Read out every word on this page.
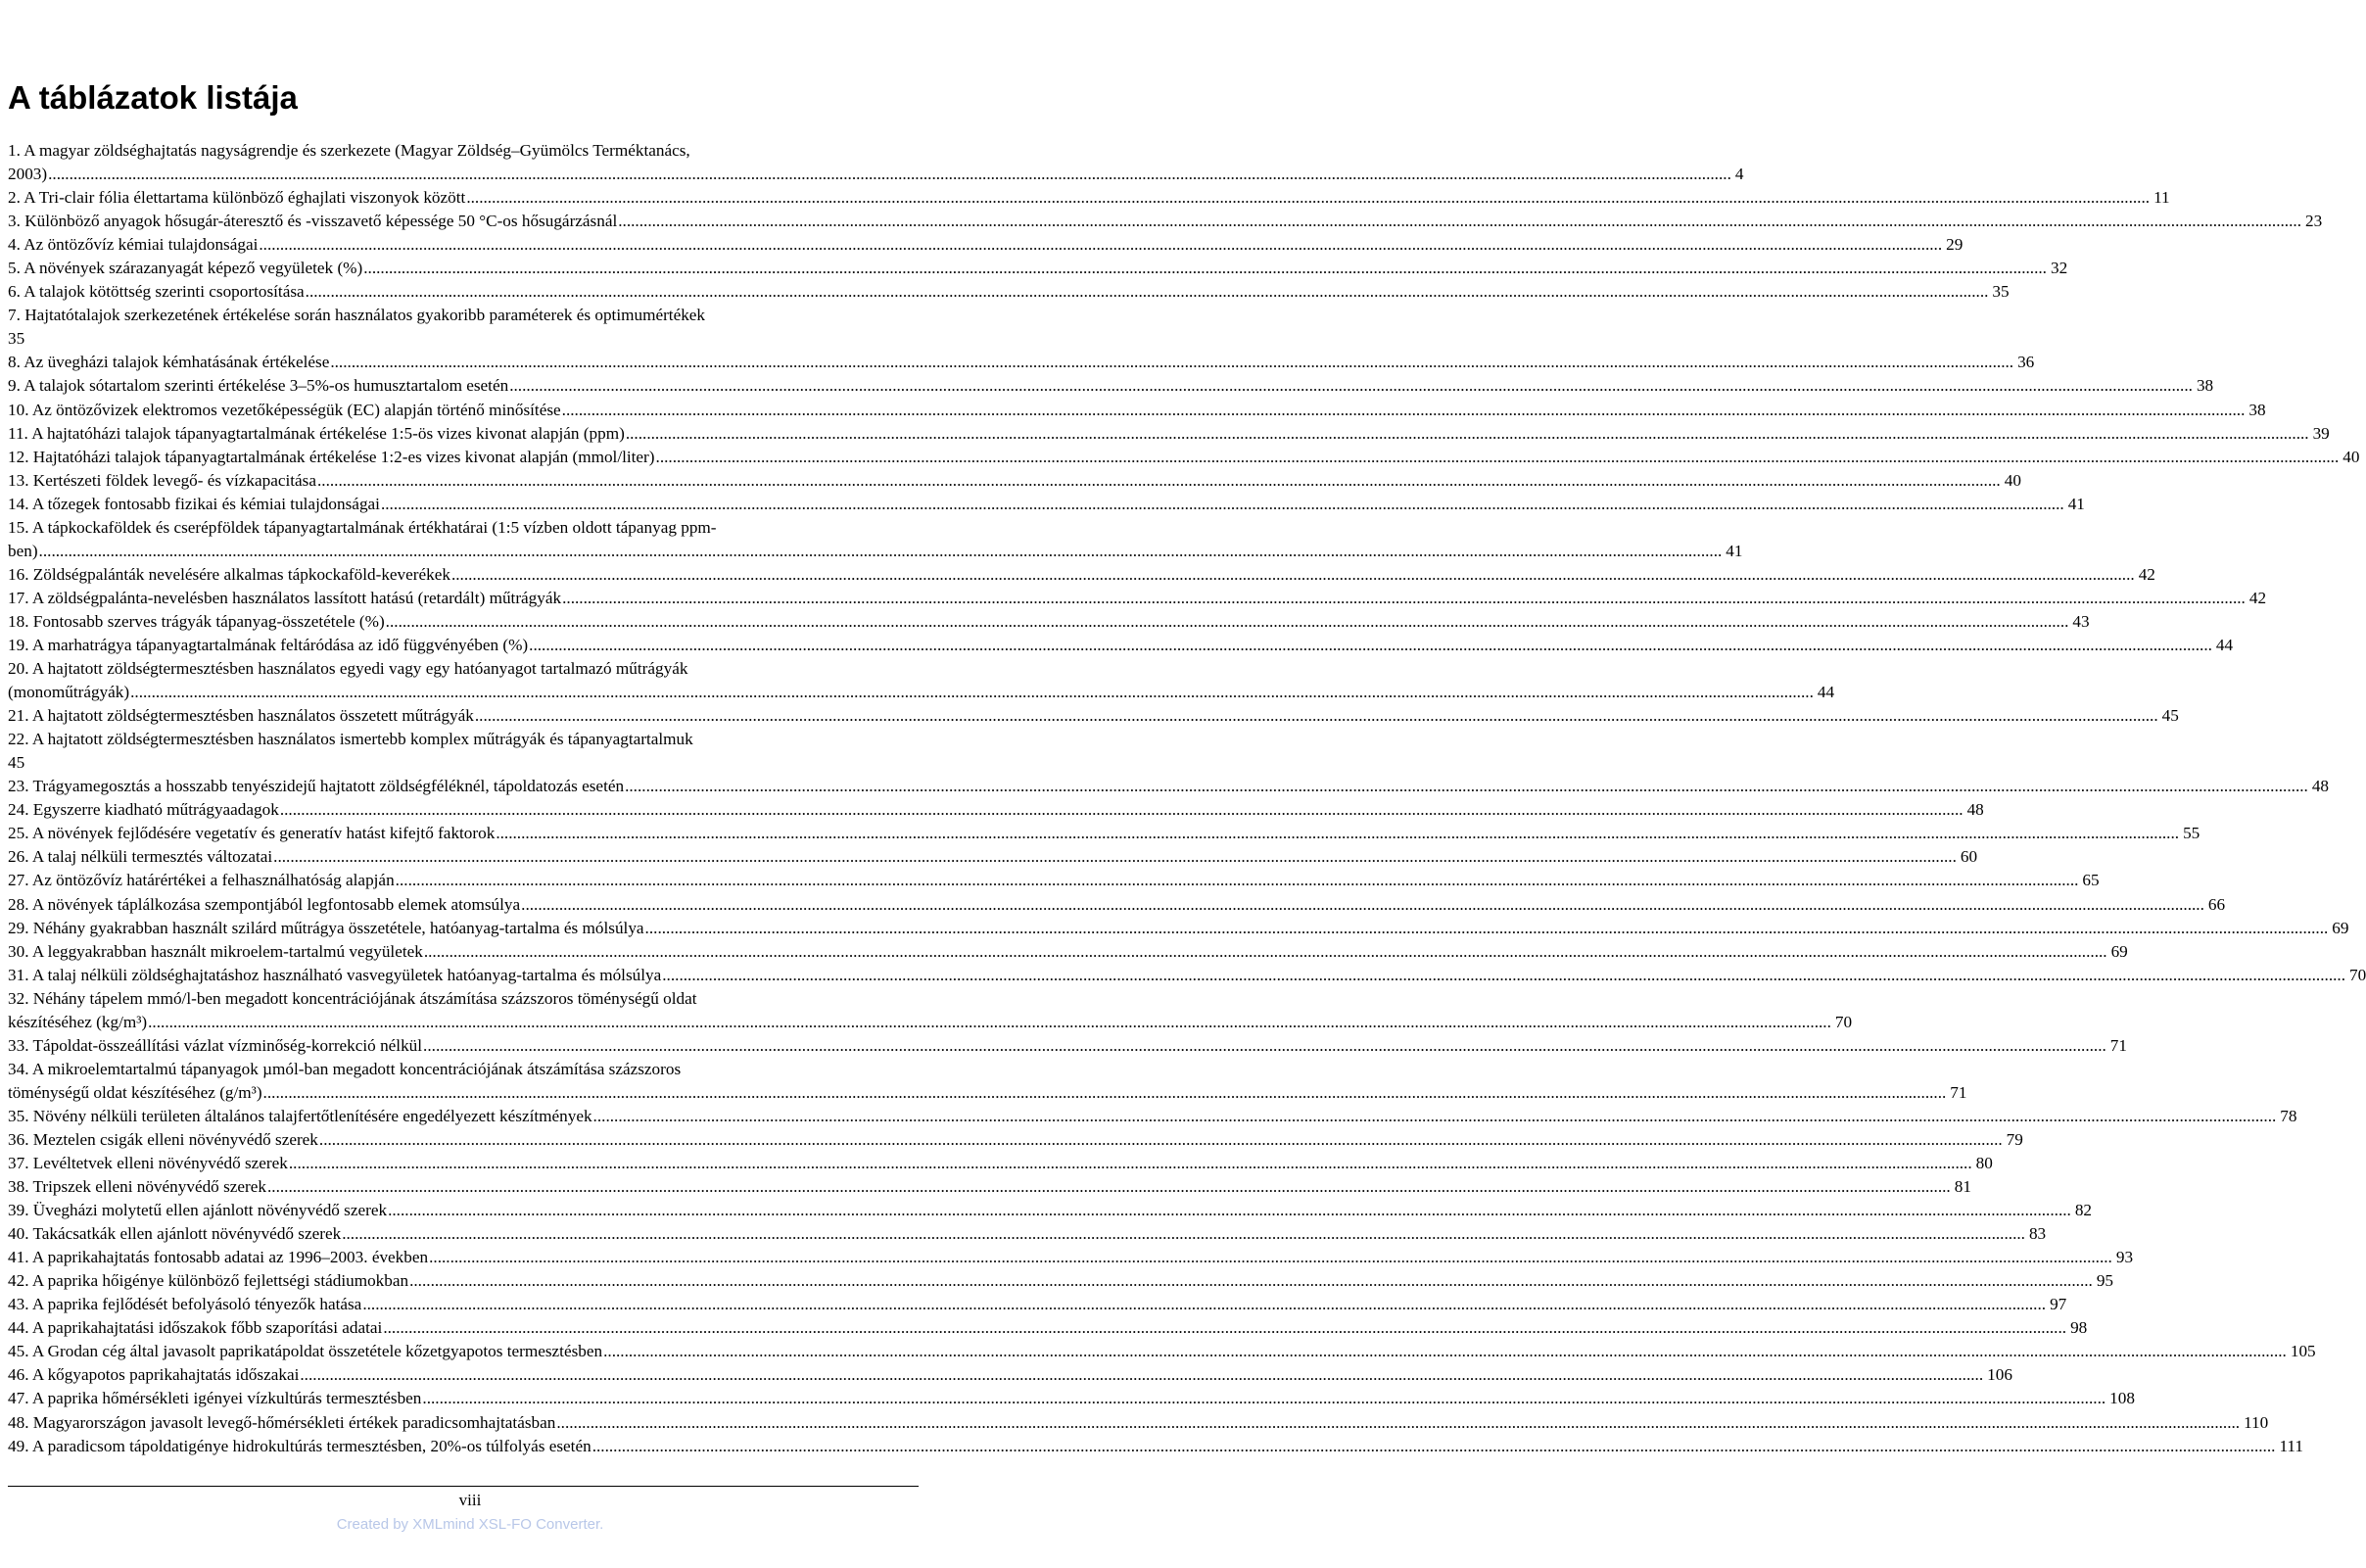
A táblázatok listája
1. A magyar zöldséghajtatás nagyságrendje és szerkezete (Magyar Zöldség–Gyümölcs Terméktanács,
2003) ................................................................................................................................................................................................................................................................................................................................................................................................................ 4
2. A Tri-clair fólia élettartama különböző éghajlati viszonyok között ................................................................................................................................................................................................................................................................................................................................................................................................................ 11
3. Különböző anyagok hősugár-áteresztő és -visszavető képessége 50 °C-os hősugárzásnál ................................................................................................................................................................................................................................................................................................................................................................................................................ 23
4. Az öntözővíz kémiai tulajdonságai ................................................................................................................................................................................................................................................................................................................................................................................................................ 29
5. A növények szárazanyagát képező vegyületek (%) ................................................................................................................................................................................................................................................................................................................................................................................................................ 32
6. A talajok kötöttség szerinti csoportosítása ................................................................................................................................................................................................................................................................................................................................................................................................................ 35
7. Hajtatótalajok szerkezetének értékelése során használatos gyakoribb paraméterek és optimumértékek
35
8. Az üvegházi talajok kémhatásának értékelése ................................................................................................................................................................................................................................................................................................................................................................................................................ 36
9. A talajok sótartalom szerinti értékelése 3–5%-os humusztartalom esetén ................................................................................................................................................................................................................................................................................................................................................................................................................ 38
10. Az öntözővizek elektromos vezetőképességük (EC) alapján történő minősítése ................................................................................................................................................................................................................................................................................................................................................................................................................ 38
11. A hajtatóházi talajok tápanyagtartalmának értékelése 1:5-ös vizes kivonat alapján (ppm) ................................................................................................................................................................................................................................................................................................................................................................................................................ 39
12. Hajtatóházi talajok tápanyagtartalmának értékelése 1:2-es vizes kivonat alapján (mmol/liter) ................................................................................................................................................................................................................................................................................................................................................................................................................ 40
13. Kertészeti földek levegő- és vízkapacitása ................................................................................................................................................................................................................................................................................................................................................................................................................ 40
14. A tőzegek fontosabb fizikai és kémiai tulajdonságai ................................................................................................................................................................................................................................................................................................................................................................................................................ 41
15. A tápkockaföldek és cserépföldek tápanyagtartalmának értékhatárai (1:5 vízben oldott tápanyag ppm-
ben) ................................................................................................................................................................................................................................................................................................................................................................................................................ 41
16. Zöldségpalánták nevelésére alkalmas tápkockaföld-keverékek ................................................................................................................................................................................................................................................................................................................................................................................................................ 42
17. A zöldségpalánta-nevelésben használatos lassított hatású (retardált) műtrágyák ................................................................................................................................................................................................................................................................................................................................................................................................................ 42
18. Fontosabb szerves trágyák tápanyag-összetétele (%) ................................................................................................................................................................................................................................................................................................................................................................................................................ 43
19. A marhatrágya tápanyagtartalmának feltáródása az idő függvényében (%) ................................................................................................................................................................................................................................................................................................................................................................................................................ 44
20. A hajtatott zöldségtermesztésben használatos egyedi vagy egy hatóanyagot tartalmazó műtrágyák
(monoműtrágyák) ................................................................................................................................................................................................................................................................................................................................................................................................................ 44
21. A hajtatott zöldségtermesztésben használatos összetett műtrágyák ................................................................................................................................................................................................................................................................................................................................................................................................................ 45
22. A hajtatott zöldségtermesztésben használatos ismertebb komplex műtrágyák és tápanyagtartalmuk
45
23. Trágyamegosztás a hosszabb tenyészidejű hajtatott zöldségféléknél, tápoldatozás esetén ................................................................................................................................................................................................................................................................................................................................................................................................................ 48
24. Egyszerre kiadható műtrágyaadagok ................................................................................................................................................................................................................................................................................................................................................................................................................ 48
25. A növények fejlődésére vegetatív és generatív hatást kifejtő faktorok ................................................................................................................................................................................................................................................................................................................................................................................................................ 55
26. A talaj nélküli termesztés változatai ................................................................................................................................................................................................................................................................................................................................................................................................................ 60
27. Az öntözővíz határértékei a felhasználhatóság alapján ................................................................................................................................................................................................................................................................................................................................................................................................................ 65
28. A növények táplálkozása szempontjából legfontosabb elemek atomsúlya ................................................................................................................................................................................................................................................................................................................................................................................................................ 66
29. Néhány gyakrabban használt szilárd műtrágya összetétele, hatóanyag-tartalma és mólsúlya ................................................................................................................................................................................................................................................................................................................................................................................................................ 69
30. A leggyakrabban használt mikroelem-tartalmú vegyületek ................................................................................................................................................................................................................................................................................................................................................................................................................ 69
31. A talaj nélküli zöldséghajtatáshoz használható vasvegyületek hatóanyag-tartalma és mólsúlya ................................................................................................................................................................................................................................................................................................................................................................................................................ 70
32. Néhány tápelem mmó/l-ben megadott koncentrációjának átszámítása százszoros töménységű oldat
készítéséhez (kg/m³) ................................................................................................................................................................................................................................................................................................................................................................................................................ 70
33. Tápoldat-összeállítási vázlat vízminőség-korrekció nélkül ................................................................................................................................................................................................................................................................................................................................................................................................................ 71
34. A mikroelemtartalmú tápanyagok µmól-ban megadott koncentrációjának átszámítása százszoros
töménységű oldat készítéséhez (g/m³) ................................................................................................................................................................................................................................................................................................................................................................................................................ 71
35. Növény nélküli területen általános talajfertőtlenítésére engedélyezett készítmények ................................................................................................................................................................................................................................................................................................................................................................................................................ 78
36. Meztelen csigák elleni növényvédő szerek ................................................................................................................................................................................................................................................................................................................................................................................................................ 79
37. Levéltetvek elleni növényvédő szerek ................................................................................................................................................................................................................................................................................................................................................................................................................ 80
38. Tripszek elleni növényvédő szerek ................................................................................................................................................................................................................................................................................................................................................................................................................ 81
39. Üvegházi molytetű ellen ajánlott növényvédő szerek ................................................................................................................................................................................................................................................................................................................................................................................................................ 82
40. Takácsatkák ellen ajánlott növényvédő szerek ................................................................................................................................................................................................................................................................................................................................................................................................................ 83
41. A paprikahajtatás fontosabb adatai az 1996–2003. években ................................................................................................................................................................................................................................................................................................................................................................................................................ 93
42. A paprika hőigénye különböző fejlettségi stádiumokban ................................................................................................................................................................................................................................................................................................................................................................................................................ 95
43. A paprika fejlődését befolyásoló tényezők hatása ................................................................................................................................................................................................................................................................................................................................................................................................................ 97
44. A paprikahajtatási időszakok főbb szaporítási adatai ................................................................................................................................................................................................................................................................................................................................................................................................................ 98
45. A Grodan cég által javasolt paprikatápoldat összetétele kőzetgyapotos termesztésben ................................................................................................................................................................................................................................................................................................................................................................................................................ 105
46. A kőgyapotos paprikahajtatás időszakai ................................................................................................................................................................................................................................................................................................................................................................................................................ 106
47. A paprika hőmérsékleti igényei vízkultúrás termesztésben ................................................................................................................................................................................................................................................................................................................................................................................................................ 108
48. Magyarországon javasolt levegő-hőmérsékleti értékek paradicsomhajtatásban ................................................................................................................................................................................................................................................................................................................................................................................................................ 110
49. A paradicsom tápoldatigénye hidrokultúrás termesztésben, 20%-os túlfolyás esetén ................................................................................................................................................................................................................................................................................................................................................................................................................ 111
viii
Created by XMLmind XSL-FO Converter.
